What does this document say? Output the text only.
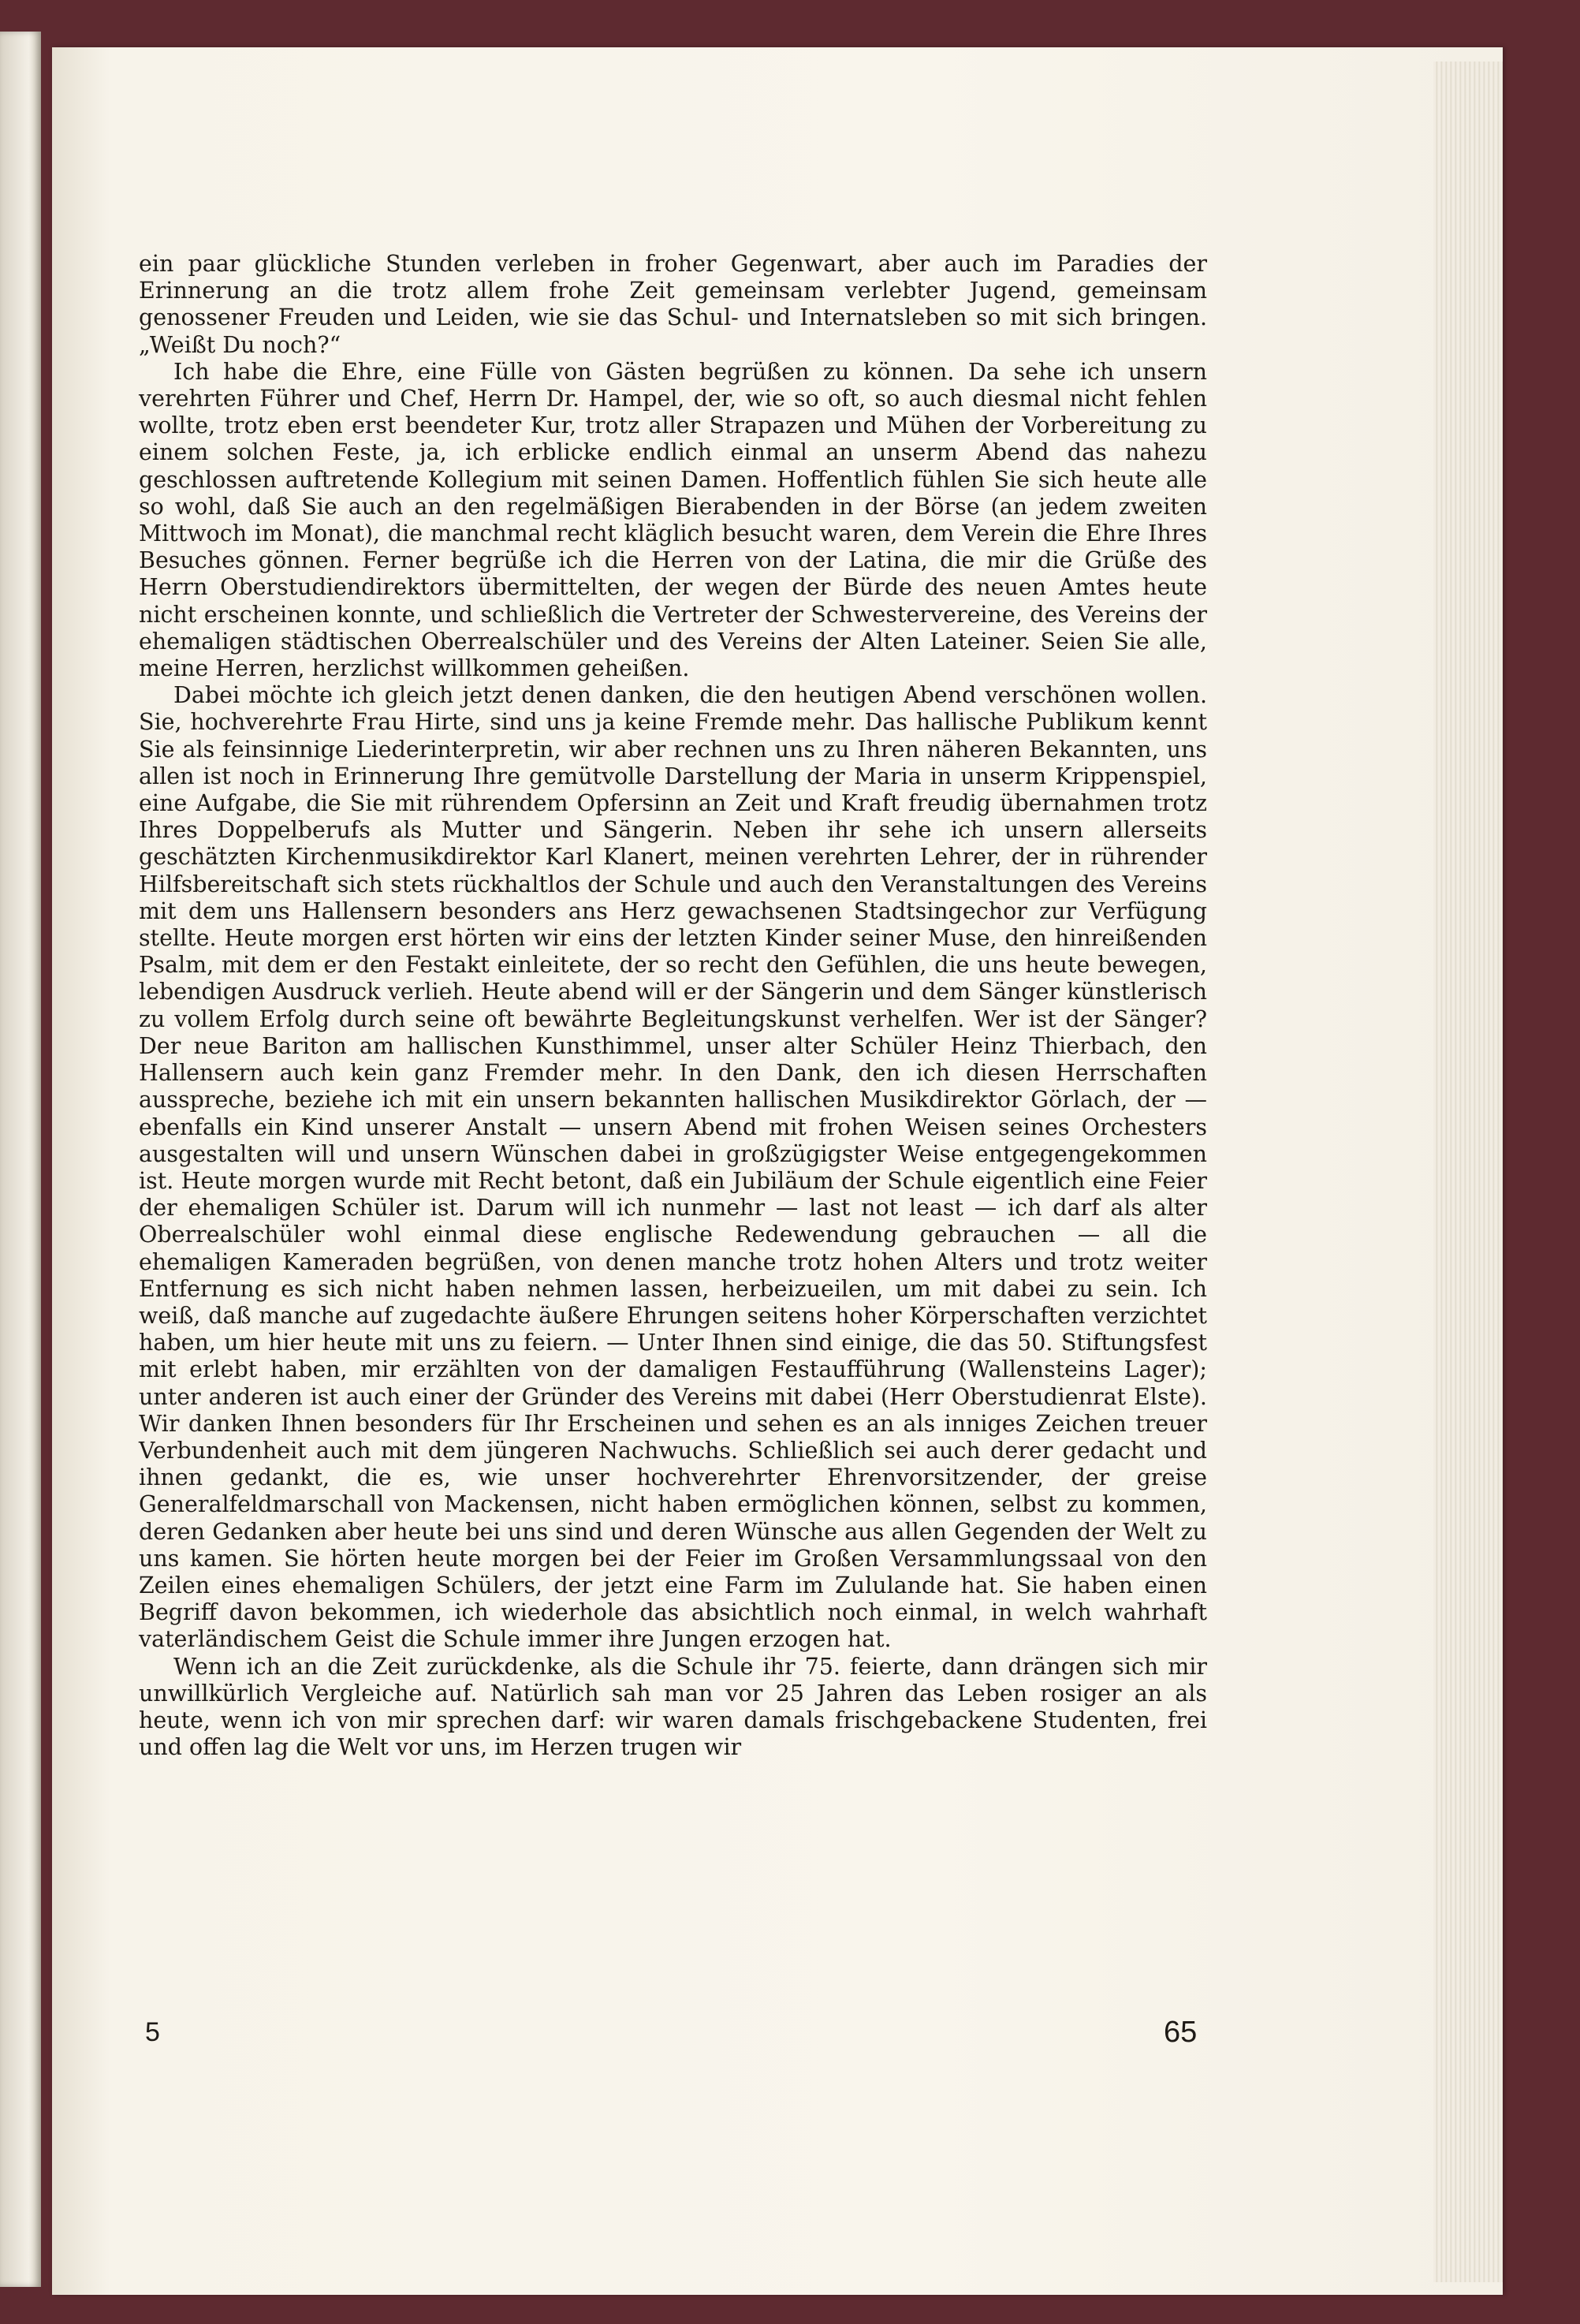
ein paar glückliche Stunden verleben in froher Gegenwart, aber auch im Paradies der Erinnerung an die trotz allem frohe Zeit gemeinsam verlebter Jugend, gemeinsam genossener Freuden und Leiden, wie sie das Schul- und Internatsleben so mit sich bringen. „Weißt Du noch?“

Ich habe die Ehre, eine Fülle von Gästen begrüßen zu können. Da sehe ich unsern verehrten Führer und Chef, Herrn Dr. Hampel, der, wie so oft, so auch diesmal nicht fehlen wollte, trotz eben erst beendeter Kur, trotz aller Strapazen und Mühen der Vorbereitung zu einem solchen Feste, ja, ich erblicke endlich einmal an unserm Abend das nahezu geschlossen auftretende Kollegium mit seinen Damen. Hoffentlich fühlen Sie sich heute alle so wohl, daß Sie auch an den regelmäßigen Bierabenden in der Börse (an jedem zweiten Mittwoch im Monat), die manchmal recht kläglich besucht waren, dem Verein die Ehre Ihres Besuches gönnen. Ferner begrüße ich die Herren von der Latina, die mir die Grüße des Herrn Oberstudiendirektors übermittelten, der wegen der Bürde des neuen Amtes heute nicht erscheinen konnte, und schließlich die Vertreter der Schwestervereine, des Vereins der ehemaligen städtischen Oberrealschüler und des Vereins der Alten Lateiner. Seien Sie alle, meine Herren, herzlichst willkommen geheißen.

Dabei möchte ich gleich jetzt denen danken, die den heutigen Abend verschönen wollen. Sie, hochverehrte Frau Hirte, sind uns ja keine Fremde mehr. Das hallische Publikum kennt Sie als feinsinnige Liederinterpretin, wir aber rechnen uns zu Ihren näheren Bekannten, uns allen ist noch in Erinnerung Ihre gemütvolle Darstellung der Maria in unserm Krippenspiel, eine Aufgabe, die Sie mit rührendem Opfersinn an Zeit und Kraft freudig übernahmen trotz Ihres Doppelberufs als Mutter und Sängerin. Neben ihr sehe ich unsern allerseits geschätzten Kirchenmusikdirektor Karl Klanert, meinen verehrten Lehrer, der in rührender Hilfsbereitschaft sich stets rückhaltlos der Schule und auch den Veranstaltungen des Vereins mit dem uns Hallensern besonders ans Herz gewachsenen Stadtsingechor zur Verfügung stellte. Heute morgen erst hörten wir eins der letzten Kinder seiner Muse, den hinreißenden Psalm, mit dem er den Festakt einleitete, der so recht den Gefühlen, die uns heute bewegen, lebendigen Ausdruck verlieh. Heute abend will er der Sängerin und dem Sänger künstlerisch zu vollem Erfolg durch seine oft bewährte Begleitungskunst verhelfen. Wer ist der Sänger? Der neue Bariton am hallischen Kunsthimmel, unser alter Schüler Heinz Thierbach, den Hallensern auch kein ganz Fremder mehr. In den Dank, den ich diesen Herrschaften ausspreche, beziehe ich mit ein unsern bekannten hallischen Musikdirektor Görlach, der — ebenfalls ein Kind unserer Anstalt — unsern Abend mit frohen Weisen seines Orchesters ausgestalten will und unsern Wünschen dabei in großzügigster Weise entgegengekommen ist. Heute morgen wurde mit Recht betont, daß ein Jubiläum der Schule eigentlich eine Feier der ehemaligen Schüler ist. Darum will ich nunmehr — last not least — ich darf als alter Oberrealschüler wohl einmal diese englische Redewendung gebrauchen — all die ehemaligen Kameraden begrüßen, von denen manche trotz hohen Alters und trotz weiter Entfernung es sich nicht haben nehmen lassen, herbeizueilen, um mit dabei zu sein. Ich weiß, daß manche auf zugedachte äußere Ehrungen seitens hoher Körperschaften verzichtet haben, um hier heute mit uns zu feiern. — Unter Ihnen sind einige, die das 50. Stiftungsfest mit erlebt haben, mir erzählten von der damaligen Festaufführung (Wallensteins Lager); unter anderen ist auch einer der Gründer des Vereins mit dabei (Herr Oberstudienrat Elste). Wir danken Ihnen besonders für Ihr Erscheinen und sehen es an als inniges Zeichen treuer Verbundenheit auch mit dem jüngeren Nachwuchs. Schließlich sei auch derer gedacht und ihnen gedankt, die es, wie unser hochverehrter Ehrenvorsitzender, der greise Generalfeldmarschall von Mackensen, nicht haben ermöglichen können, selbst zu kommen, deren Gedanken aber heute bei uns sind und deren Wünsche aus allen Gegenden der Welt zu uns kamen. Sie hörten heute morgen bei der Feier im Großen Versammlungssaal von den Zeilen eines ehemaligen Schülers, der jetzt eine Farm im Zululande hat. Sie haben einen Begriff davon bekommen, ich wiederhole das absichtlich noch einmal, in welch wahrhaft vaterländischem Geist die Schule immer ihre Jungen erzogen hat.

Wenn ich an die Zeit zurückdenke, als die Schule ihr 75. feierte, dann drängen sich mir unwillkürlich Vergleiche auf. Natürlich sah man vor 25 Jahren das Leben rosiger an als heute, wenn ich von mir sprechen darf: wir waren damals frischgebackene Studenten, frei und offen lag die Welt vor uns, im Herzen trugen wir

5	65
